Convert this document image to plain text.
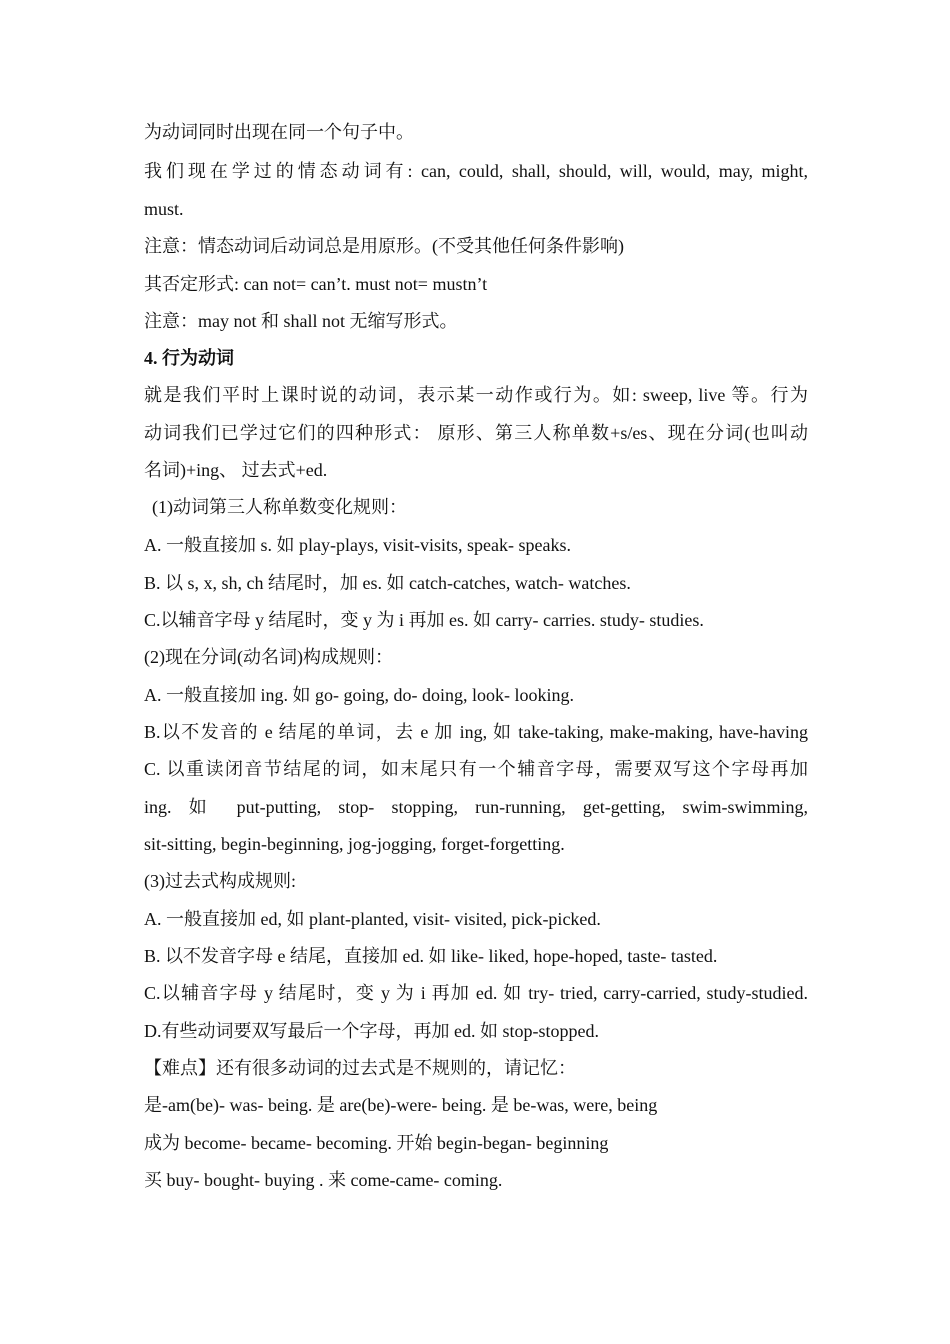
为动词同时出现在同一个句子中。
我们现在学过的情态动词有: can, could, shall, should, will, would, may, might,
must.
注意：情态动词后动词总是用原形。(不受其他任何条件影响)
其否定形式: can not= can’t. must not= mustn’t
注意：may not 和 shall not 无缩写形式。
4. 行为动词
就是我们平时上课时说的动词，表示某一动作或行为。如: sweep, live 等。行为
动词我们已学过它们的四种形式： 原形、第三人称单数+s/es、现在分词(也叫动
名词)+ing、 过去式+ed.
(1)动词第三人称单数变化规则：
A. 一般直接加 s. 如 play-plays, visit-visits, speak- speaks.
B. 以 s, x, sh, ch 结尾时，加 es. 如 catch-catches, watch- watches.
C.以辅音字母 y 结尾时，变 y 为 i 再加 es. 如 carry- carries. study- studies.
(2)现在分词(动名词)构成规则：
A. 一般直接加 ing. 如 go- going, do- doing, look- looking.
B.以不发音的 e 结尾的单词，去 e 加 ing, 如 take-taking, make-making, have-having
C. 以重读闭音节结尾的词，如末尾只有一个辅音字母，需要双写这个字母再加
ing. 如 put-putting, stop- stopping, run-running, get-getting, swim-swimming,
sit-sitting, begin-beginning, jog-jogging, forget-forgetting.
(3)过去式构成规则:
A. 一般直接加 ed, 如 plant-planted, visit- visited, pick-picked.
B. 以不发音字母 e 结尾，直接加 ed. 如 like- liked, hope-hoped, taste- tasted.
C.以辅音字母 y 结尾时，变 y 为 i 再加 ed. 如 try- tried, carry-carried, study-studied.
D.有些动词要双写最后一个字母，再加 ed. 如 stop-stopped.
【难点】还有很多动词的过去式是不规则的，请记忆：
是-am(be)- was- being. 是 are(be)-were- being. 是 be-was, were, being
成为 become- became- becoming. 开始 begin-began- beginning
买 buy- bought- buying . 来 come-came- coming.
